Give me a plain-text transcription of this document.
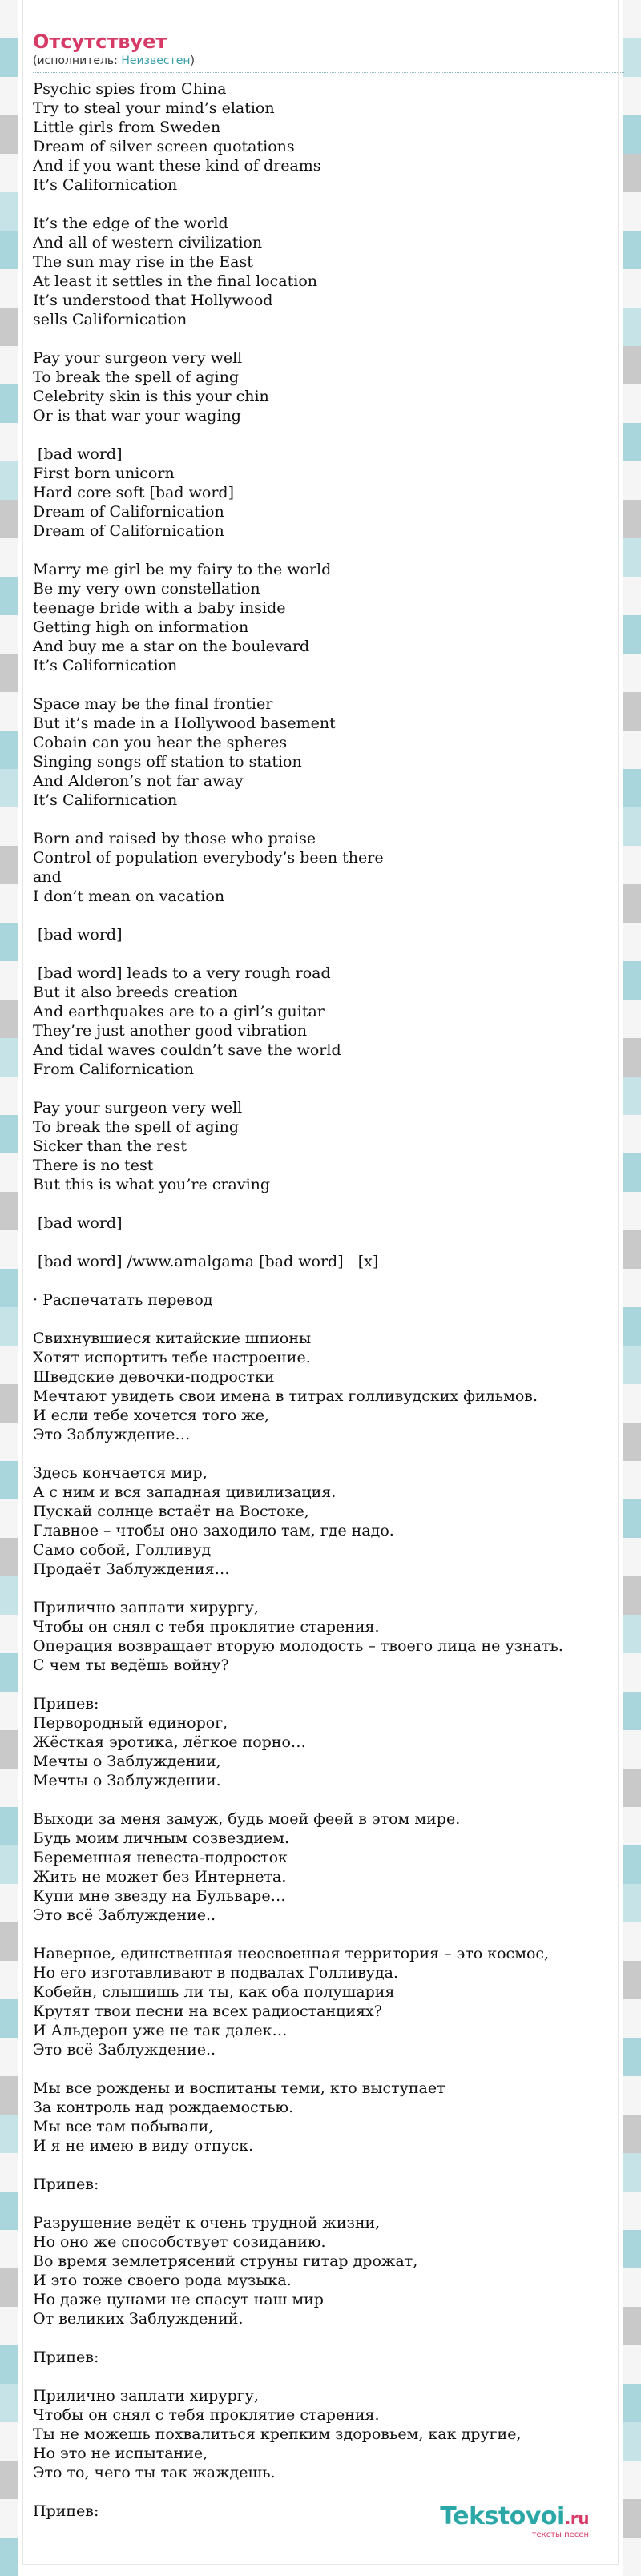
Отсутствует

(исполнитель: Неизвестен)

Psychic spies from China
Try to steal your mind’s elation
Little girls from Sweden
Dream of silver screen quotations
And if you want these kind of dreams
It’s Californication
It’s the edge of the world
And all of western civilization
The sun may rise in the East
At least it settles in the final location
It’s understood that Hollywood
sells Californication
Pay your surgeon very well
To break the spell of aging
Celebrity skin is this your chin
Or is that war your waging
[bad word]
First born unicorn
Hard core soft [bad word]
Dream of Californication
Dream of Californication
Marry me girl be my fairy to the world
Be my very own constellation
teenage bride with a baby inside
Getting high on information
And buy me a star on the boulevard
It’s Californication
Space may be the final frontier
But it’s made in a Hollywood basement
Cobain can you hear the spheres
Singing songs off station to station
And Alderon’s not far away
It’s Californication
Born and raised by those who praise
Control of population everybody’s been there
and
I don’t mean on vacation
[bad word]
[bad word] leads to a very rough road
But it also breeds creation
And earthquakes are to a girl’s guitar
They’re just another good vibration
And tidal waves couldn’t save the world
From Californication
Pay your surgeon very well
To break the spell of aging
Sicker than the rest
There is no test
But this is what you’re craving
[bad word]
[bad word] /www.amalgama [bad word]   [x]
· Распечатать перевод
Свихнувшиеся китайские шпионы
Хотят испортить тебе настроение.
Шведские девочки-подростки
Мечтают увидеть свои имена в титрах голливудских фильмов.
И если тебе хочется того же,
Это Заблуждение…
Здесь кончается мир,
А с ним и вся западная цивилизация.
Пускай солнце встаёт на Востоке,
Главное – чтобы оно заходило там, где надо.
Само собой, Голливуд
Продаёт Заблуждения…
Прилично заплати хирургу,
Чтобы он снял с тебя проклятие старения.
Операция возвращает вторую молодость – твоего лица не узнать.
С чем ты ведёшь войну?
Припев:
Перворoдный единорог,
Жёсткая эротика, лёгкое порно…
Мечты о Заблуждении,
Мечты о Заблуждении.
Выходи за меня замуж, будь моей феей в этом мире.
Будь моим личным созвездием.
Беременная невеста-подросток
Жить не может без Интернета.
Купи мне звезду на Бульваре…
Это всё Заблуждение..
Наверное, единственная неосвоенная территория – это космос,
Но его изготавливают в подвалах Голливуда.
Кобейн, слышишь ли ты, как оба полушария
Крутят твои песни на всех радиостанциях?
И Альдерон уже не так далек…
Это всё Заблуждение..
Мы все рождены и воспитаны теми, кто выступает
За контроль над рождаемостью.
Мы все там побывали,
И я не имею в виду отпуск.
Припев:
Разрушение ведёт к очень трудной жизни,
Но оно же способствует созиданию.
Во время землетрясений струны гитар дрожат,
И это тоже своего рода музыка.
Но даже цунами не спасут наш мир
От великих Заблуждений.
Припев:
Прилично заплати хирургу,
Чтобы он снял с тебя проклятие старения.
Ты не можешь похвалиться крепким здоровьем, как другие,
Но это не испытание,
Это то, чего ты так жаждешь.
Припев:	Tekstovoi.ru
тексты песен
